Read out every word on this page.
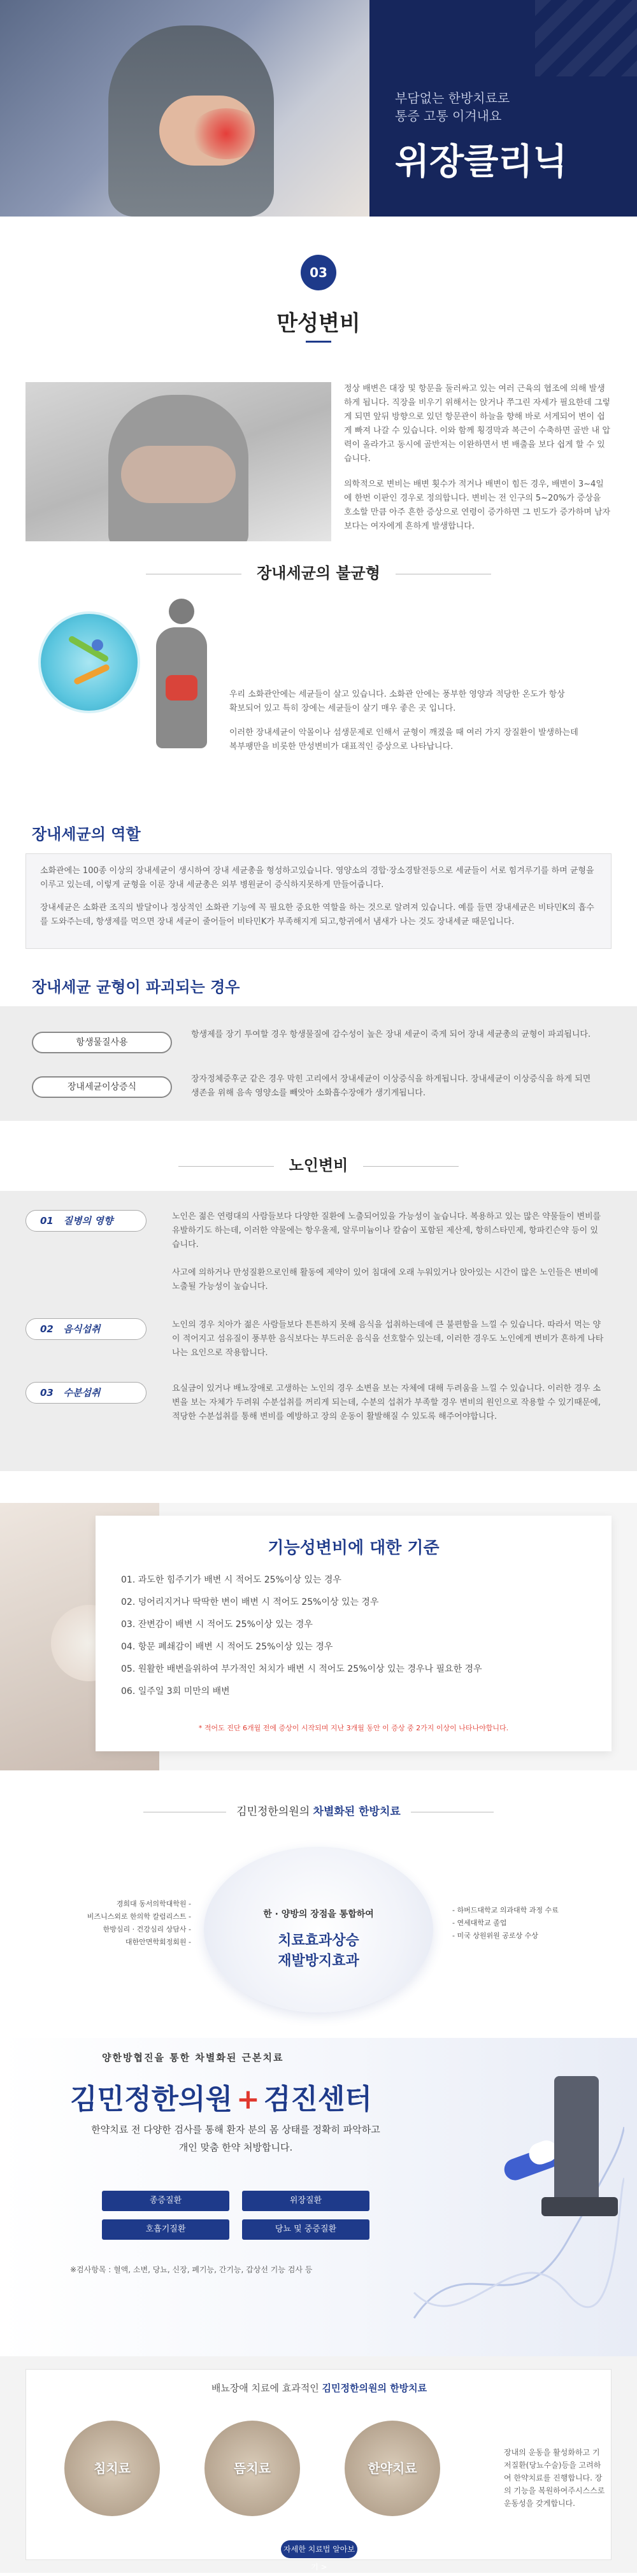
부담없는 한방치료로
통증 고통 이겨내요
위장클리닉
03
만성변비
정상 배변은 대장 및 항문을 둘러싸고 있는 여러 근육의 협조에 의해 발생하게 됩니다. 직장을 비우기 위해서는 앉거나 쭈그린 자세가 필요한데 그렇게 되면 앞뒤 방향으로 있던 항문관이 하늘을 향해 바로 서게되어 변이 쉽게 빠져 나갈 수 있습니다. 이와 함께 횡경막과 복근이 수축하면 골반 내 압력이 올라가고 동시에 골반저는 이완하면서 변 배출을 보다 쉽게 할 수 있습니다.
의학적으로 변비는 배변 횟수가 적거나 배변이 힘든 경우, 배변이 3~4일에 한번 이판인 경우로 정의합니다. 변비는 전 인구의 5~20%가 증상을 호소할 만큼 아주 흔한 증상으로 연령이 증가하면 그 빈도가 증가하며 남자보다는 여자에게 흔하게 발생합니다.
장내세균의 불균형
우리 소화관안에는 세균들이 살고 있습니다. 소화관 안에는 풍부한 영양과 적당한 온도가 항상 확보되어 있고 특히 장에는 세균들이 살기 매우 좋은 곳 입니다.
이러한 장내세균이 악몰이나 섬생문제로 인해서 균형이 깨졌을 때 여러 가지 장질환이 발생하는데 복부팽만을 비롯한 만성변비가 대표적인 증상으로 나타납니다.
장내세균의 역할
소화관에는 100종 이상의 장내세균이 생시하여 장내 세균총을 형성하고있습니다. 영양소의 경합·장소경탈전등으로 세균들이 서로 힘겨루기를 하며 균형을 이루고 있는데, 이렇게 균형을 이룬 장내 세균총은 외부 병원균이 증식하지못하게 만들어줍니다.
장내세균은 소화관 조직의 발달이나 정상적인 소화관 기능에 꼭 필요한 중요한 역할을 하는 것으로 알려져 있습니다. 예를 들면 장내세균은 비타민K의 흡수를 도와주는데, 항생제를 먹으면 장내 세균이 줄어들어 비타민K가 부족해지게 되고,항귀에서 냄새가 나는 것도 장내세균 때문입니다.
장내세균 균형이 파괴되는 경우
항생물질사용
항생제를 장기 투여할 경우 항생물질에 감수성이 높은 장내 세균이 죽게 되어 장내 세균총의 균형이 파괴됩니다.
장내세균이상증식
장자정체증후군 같은 경우 막힌 고리에서 장내세균이 이상증식을 하게됩니다. 장내세균이 이상증식을 하게 되면 생존을 위해 음속 영양소를 빼앗아 소화흡수장애가 생기게됩니다.
노인변비
01 질병의 영향	노인은 젊은 연령대의 사람들보다 다양한 질환에 노출되어있을 가능성이 높습니다. 복용하고 있는 많은 약물들이 변비를 유발하기도 하는데, 이러한 약물에는 항우울제, 알루미늄이나 칼슘이 포함된 제산제, 항히스타민제, 항파킨슨약 등이 있습니다.

사고에 의하거나 만성질환으로인해 활동에 제약이 있어 침대에 오래 누워있거나 앉아있는 시간이 많은 노인들은 변비에 노출될 가능성이 높습니다.
02 음식섭취	노인의 경우 치아가 젊은 사람들보다 튼튼하지 못해 음식을 섭취하는데에 큰 불편함을 느낄 수 있습니다. 따라서 먹는 양이 적어지고 섬유질이 풍부한 음식보다는 부드러운 음식을 선호할수 있는데, 이러한 경우도 노인에게 변비가 흔하게 나타나는 요인으로 작용합니다.
03 수분섭취	요실금이 있거나 배뇨장애로 고생하는 노인의 경우 소변을 보는 자체에 대해 두려움을 느낄 수 있습니다. 이러한 경우 소변을 보는 자체가 두려워 수분섭취를 꺼리게 되는데, 수분의 섭취가 부족할 경우 변비의 원인으로 작용할 수 있기때문에, 적당한 수분섭취를 통해 변비를 예방하고 장의 운동이 활발해질 수 있도록 해주어야합니다.
기능성변비에 대한 기준
01. 과도한 힘주기가 배변 시 적어도 25%이상 있는 경우
02. 덩어리지거나 딱딱한 변이 배변 시 적어도 25%이상 있는 경우
03. 잔변감이 배변 시 적어도 25%이상 있는 경우
04. 항문 폐쇄감이 배변 시 적어도 25%이상 있는 경우
05. 원활한 배변을위하여 부가적인 처치가 배변 시 적어도 25%이상 있는 경우나 필요한 경우
06. 일주일 3회 미만의 배변
* 적어도 진단 6개월 전에 증상이 시작되며 지난 3개월 동안 이 증상 중 2가지 이상이 나타나야합니다.
김민정한의원의 차별화된 한방치료
한 · 양방의 장점을 통합하여
치료효과상승
재발방지효과
경희대 동서의학대학원 -
비즈니스외로 한의학 칼럼리스트 -
한방심리 · 건강심리 상담사 -
대한안면학회정회원 -
- 하버드대학교 의과대학 과정 수료
- 연세대학교 졸업
- 미국 상원위원 공로상 수상
양한방협진을 통한 차별화된 근본치료
김민정한의원 + 검진센터
한약치료 전 다양한 검사를 통해 환자 분의 몸 상태를 정확히 파악하고 개인 맞춤 한약 처방합니다.
종증질환	위장질환
호흡기질환	당뇨 및 중증질환
※검사항목 : 혈액, 소변, 당뇨, 신장, 폐기능, 간기능, 갑상선 기능 검사 등
배뇨장애 치료에 효과적인 김민정한의원의 한방치료
침치료	뜸치료	한약치료
장내의 운동을 활성화하고 기저질환(당뇨수술)등을 고려하여 한약치료를 진행합니다. 장의 기능을 복원하여주시스스로 운동성을 갖게합니다.
자세한 치료법 알아보기 >
